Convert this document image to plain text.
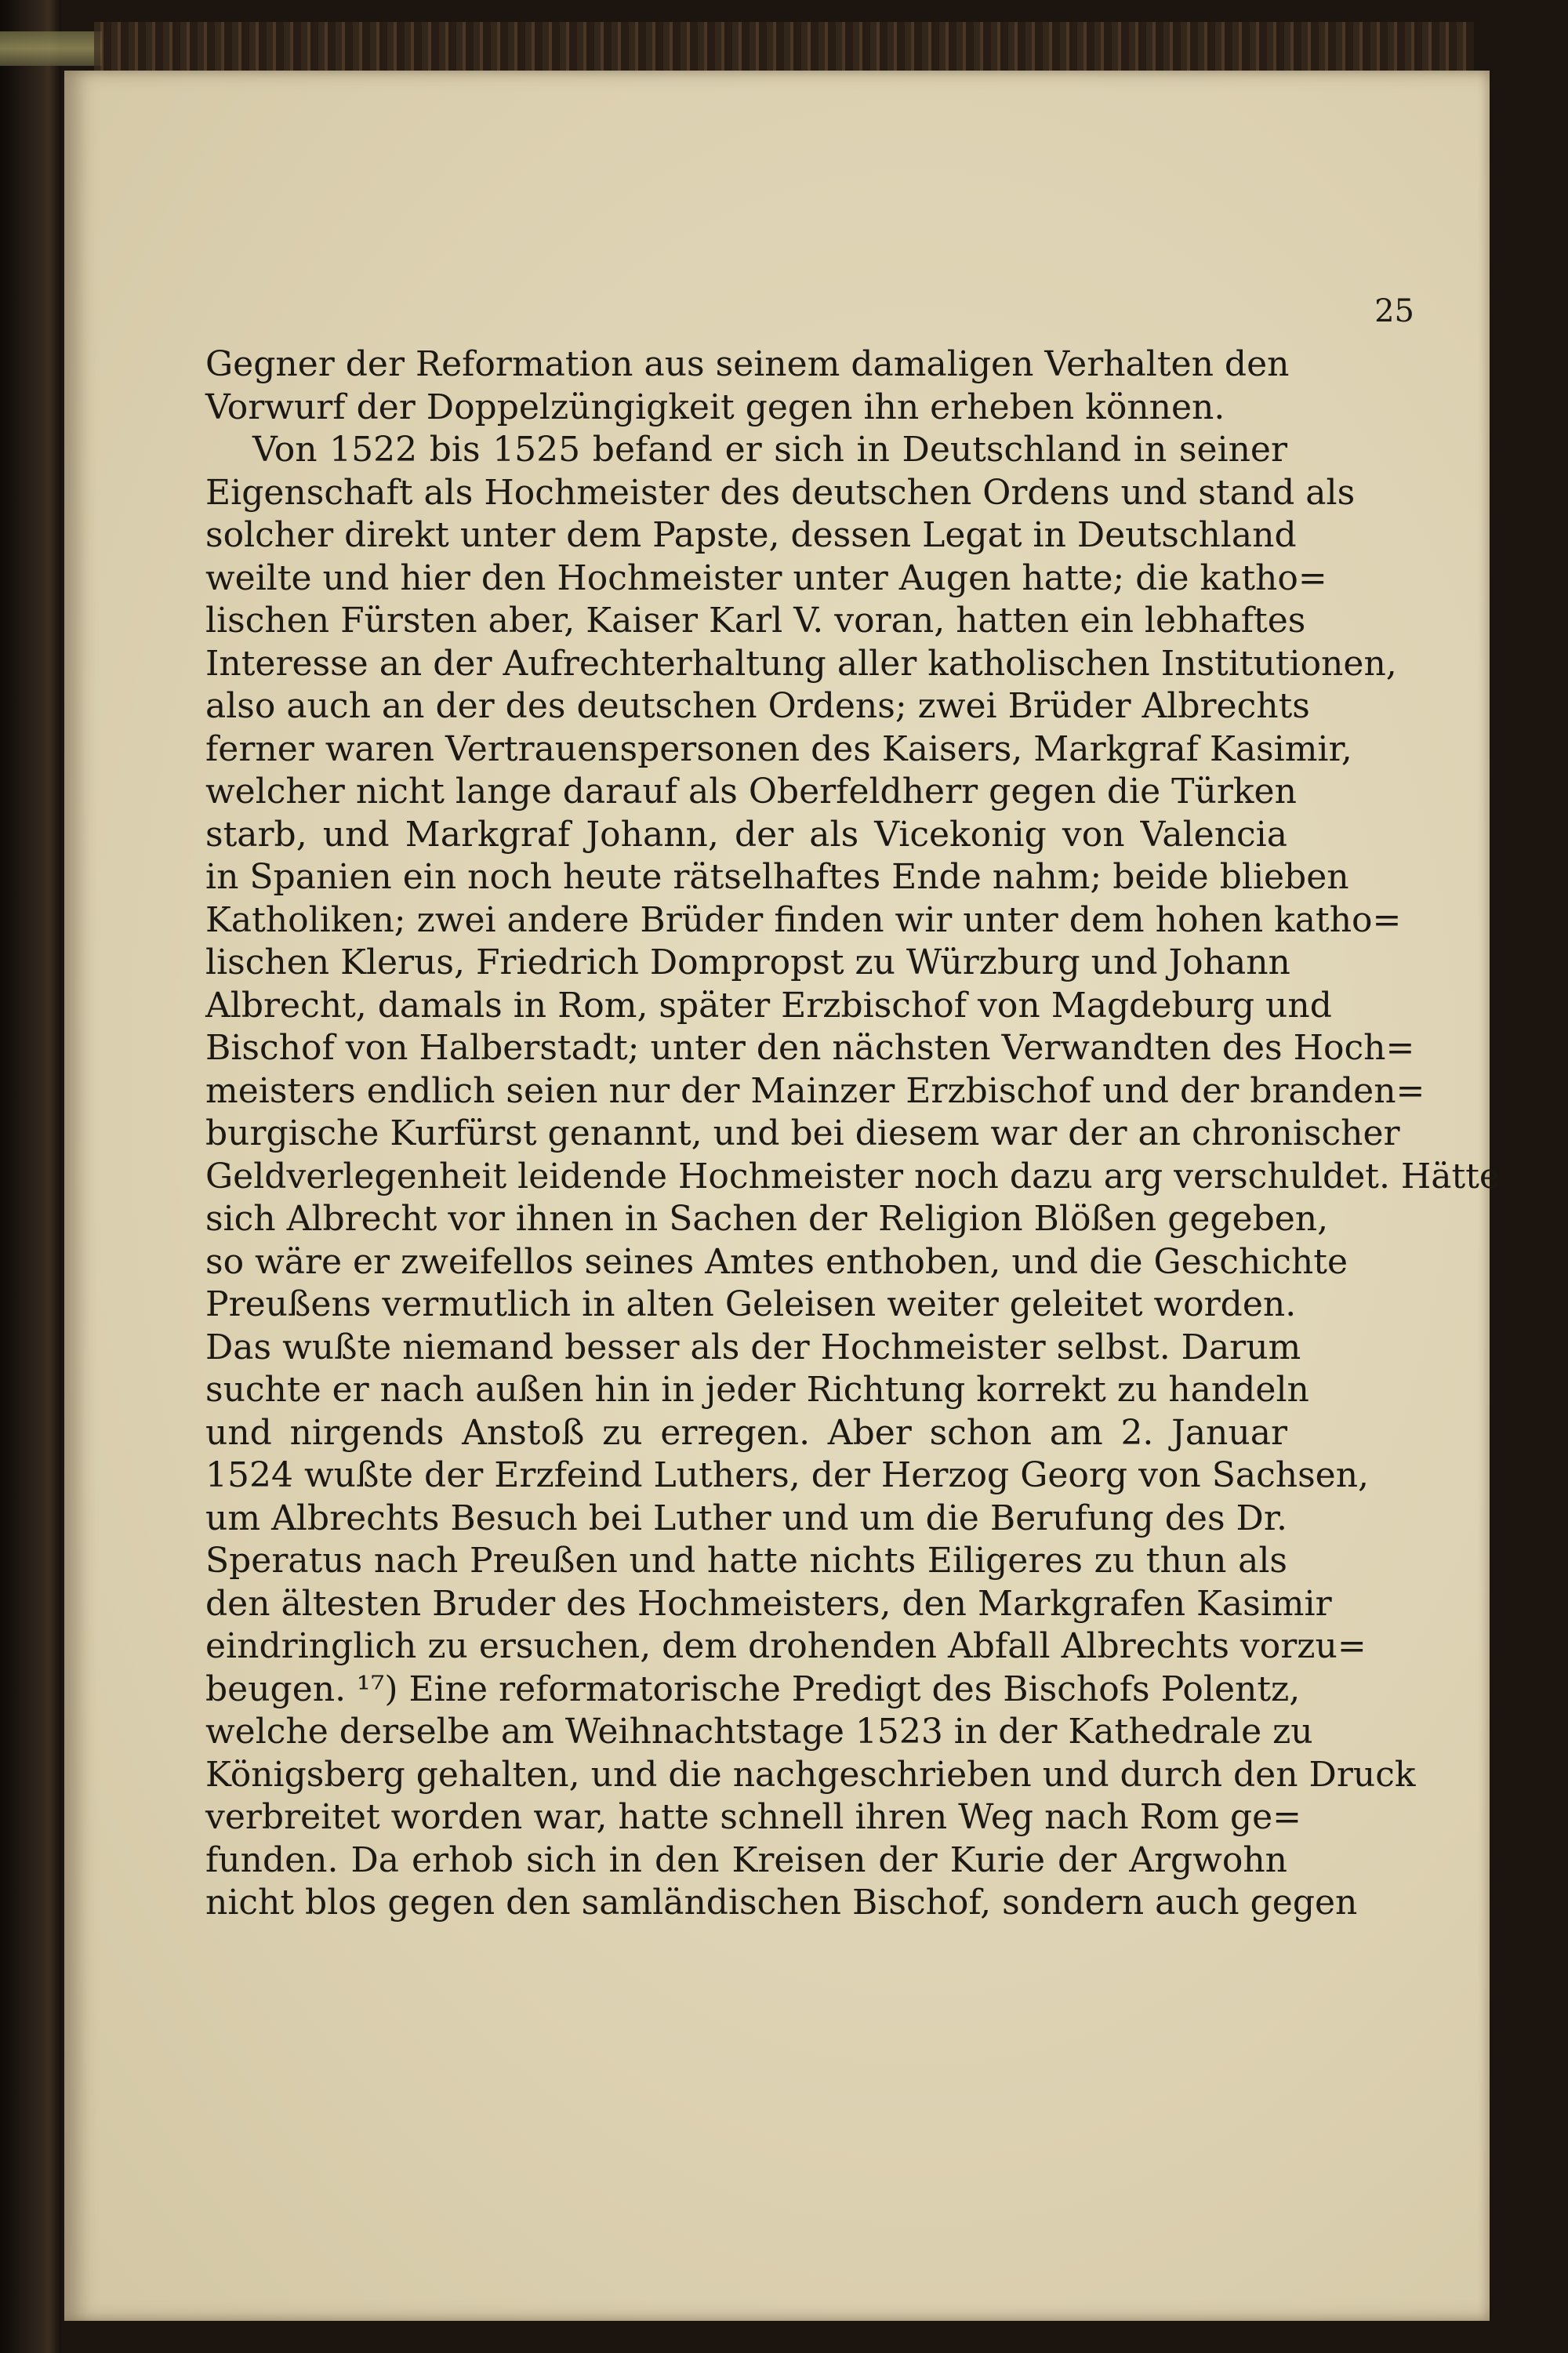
25
Gegner der Reformation aus seinem damaligen Verhalten den
Vorwurf der Doppelzüngigkeit gegen ihn erheben können.
Von 1522 bis 1525 befand er sich in Deutschland in seiner
Eigenschaft als Hochmeister des deutschen Ordens und stand als
solcher direkt unter dem Papste, dessen Legat in Deutschland
weilte und hier den Hochmeister unter Augen hatte; die katho=
lischen Fürsten aber, Kaiser Karl V. voran, hatten ein lebhaftes
Interesse an der Aufrechterhaltung aller katholischen Institutionen,
also auch an der des deutschen Ordens; zwei Brüder Albrechts
ferner waren Vertrauenspersonen des Kaisers, Markgraf Kasimir,
welcher nicht lange darauf als Oberfeldherr gegen die Türken
starb, und Markgraf Johann, der als Vicekonig von Valencia
in Spanien ein noch heute rätselhaftes Ende nahm; beide blieben
Katholiken; zwei andere Brüder finden wir unter dem hohen katho=
lischen Klerus, Friedrich Dompropst zu Würzburg und Johann
Albrecht, damals in Rom, später Erzbischof von Magdeburg und
Bischof von Halberstadt; unter den nächsten Verwandten des Hoch=
meisters endlich seien nur der Mainzer Erzbischof und der branden=
burgische Kurfürst genannt, und bei diesem war der an chronischer
Geldverlegenheit leidende Hochmeister noch dazu arg verschuldet. Hätte
sich Albrecht vor ihnen in Sachen der Religion Blößen gegeben,
so wäre er zweifellos seines Amtes enthoben, und die Geschichte
Preußens vermutlich in alten Geleisen weiter geleitet worden.
Das wußte niemand besser als der Hochmeister selbst. Darum
suchte er nach außen hin in jeder Richtung korrekt zu handeln
und nirgends Anstoß zu erregen. Aber schon am 2. Januar
1524 wußte der Erzfeind Luthers, der Herzog Georg von Sachsen,
um Albrechts Besuch bei Luther und um die Berufung des Dr.
Speratus nach Preußen und hatte nichts Eiligeres zu thun als
den ältesten Bruder des Hochmeisters, den Markgrafen Kasimir
eindringlich zu ersuchen, dem drohenden Abfall Albrechts vorzu=
beugen. ¹⁷) Eine reformatorische Predigt des Bischofs Polentz,
welche derselbe am Weihnachtstage 1523 in der Kathedrale zu
Königsberg gehalten, und die nachgeschrieben und durch den Druck
verbreitet worden war, hatte schnell ihren Weg nach Rom ge=
funden. Da erhob sich in den Kreisen der Kurie der Argwohn
nicht blos gegen den samländischen Bischof, sondern auch gegen
